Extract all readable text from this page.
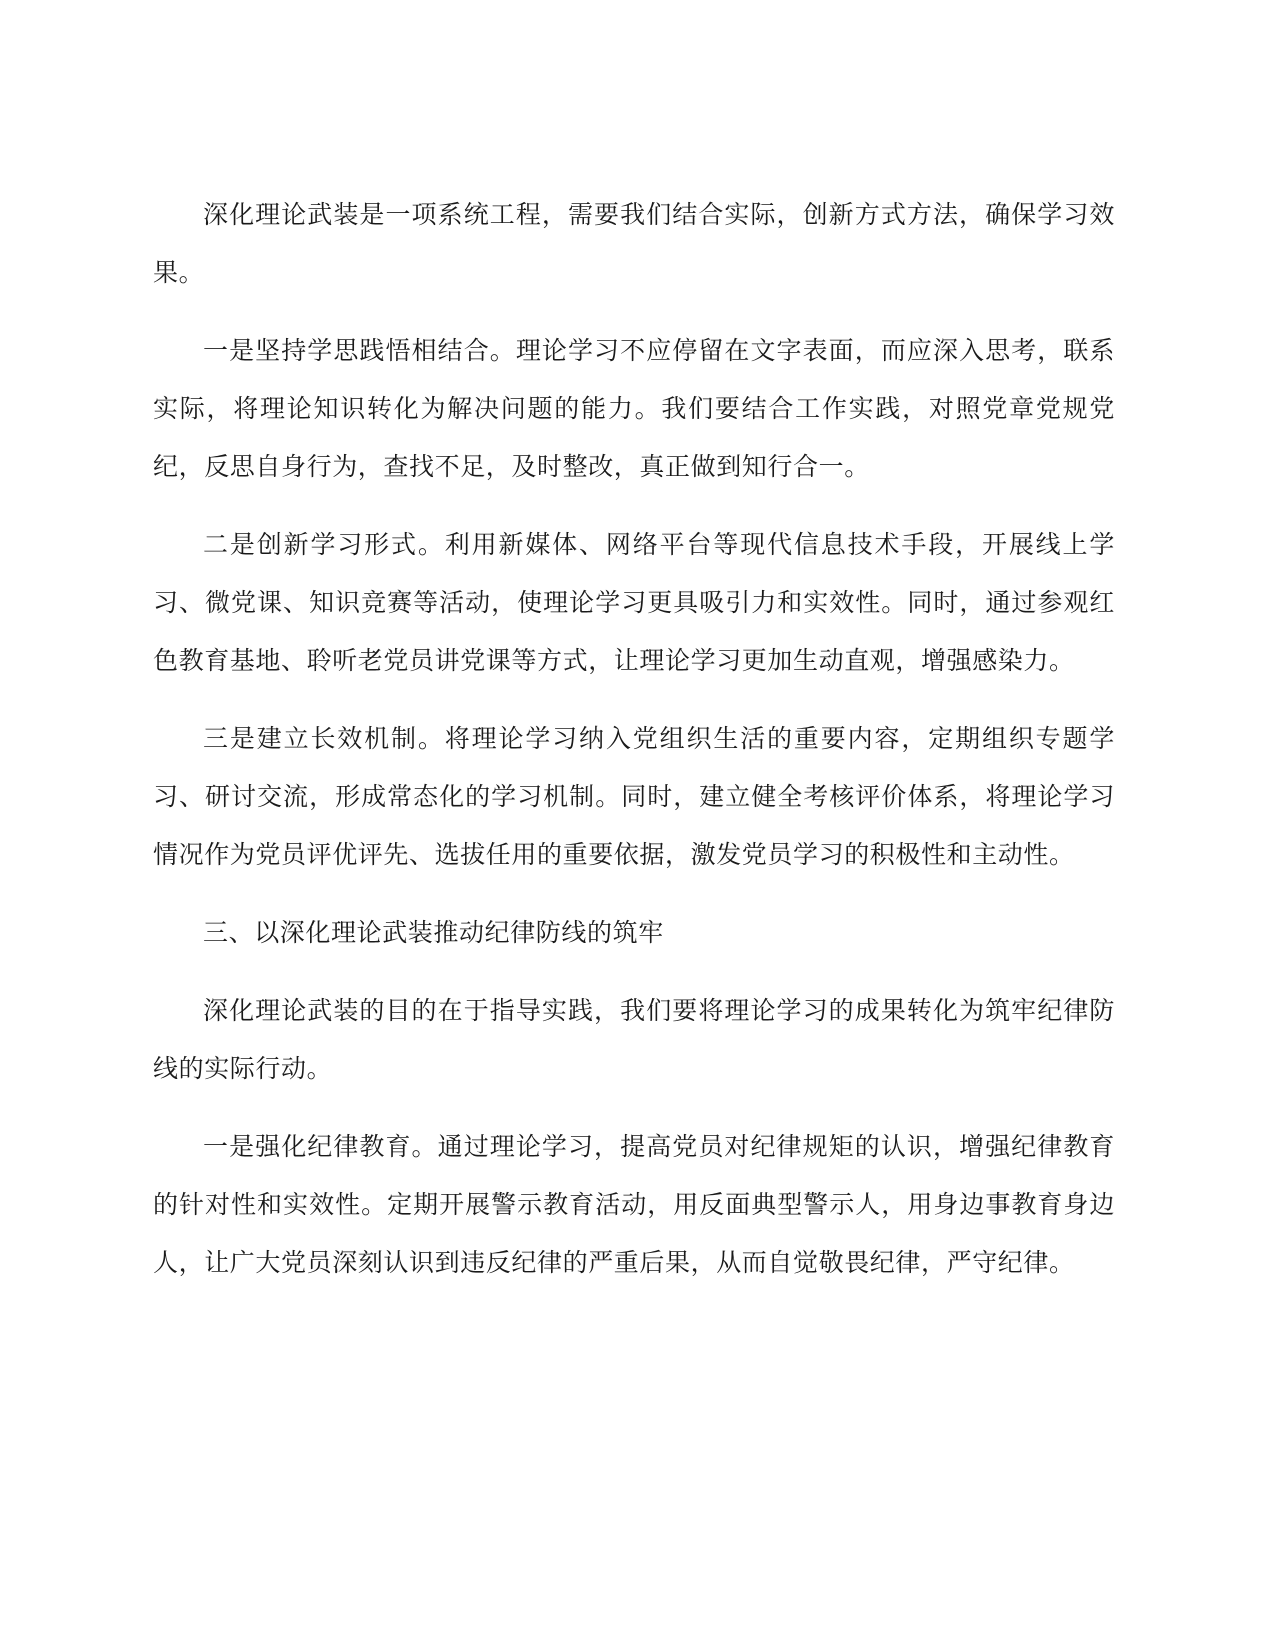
深化理论武装是一项系统工程，需要我们结合实际，创新方式方法，确保学习效果。

一是坚持学思践悟相结合。理论学习不应停留在文字表面，而应深入思考，联系实际，将理论知识转化为解决问题的能力。我们要结合工作实践，对照党章党规党纪，反思自身行为，查找不足，及时整改，真正做到知行合一。

二是创新学习形式。利用新媒体、网络平台等现代信息技术手段，开展线上学习、微党课、知识竞赛等活动，使理论学习更具吸引力和实效性。同时，通过参观红色教育基地、聆听老党员讲党课等方式，让理论学习更加生动直观，增强感染力。

三是建立长效机制。将理论学习纳入党组织生活的重要内容，定期组织专题学习、研讨交流，形成常态化的学习机制。同时，建立健全考核评价体系，将理论学习情况作为党员评优评先、选拔任用的重要依据，激发党员学习的积极性和主动性。

三、以深化理论武装推动纪律防线的筑牢

深化理论武装的目的在于指导实践，我们要将理论学习的成果转化为筑牢纪律防线的实际行动。

一是强化纪律教育。通过理论学习，提高党员对纪律规矩的认识，增强纪律教育的针对性和实效性。定期开展警示教育活动，用反面典型警示人，用身边事教育身边人，让广大党员深刻认识到违反纪律的严重后果，从而自觉敬畏纪律，严守纪律。
